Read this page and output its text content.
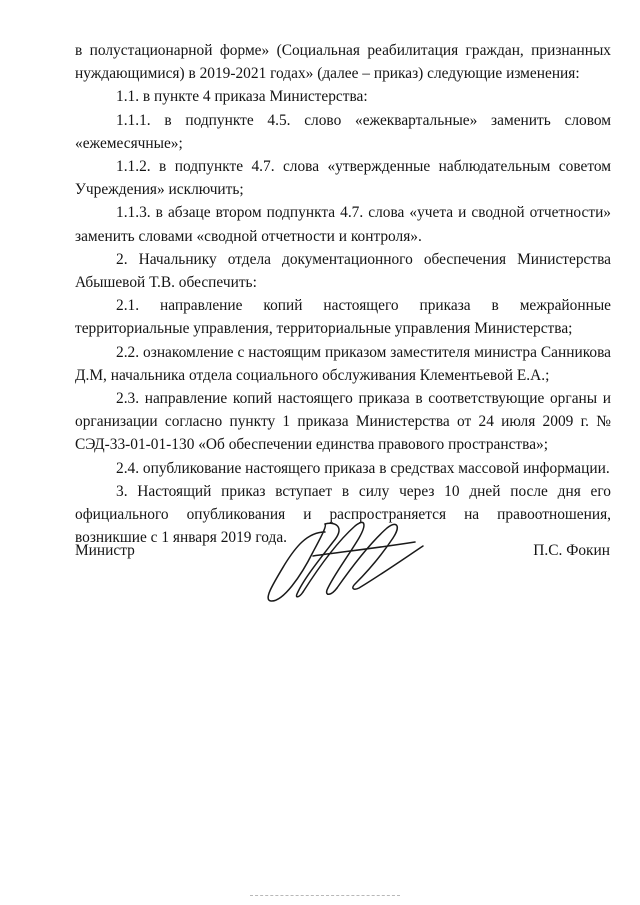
в полустационарной форме» (Социальная реабилитация граждан, признанных нуждающимися) в 2019-2021 годах» (далее – приказ) следующие изменения:

1.1. в пункте 4 приказа Министерства:

1.1.1. в подпункте 4.5. слово «ежеквартальные» заменить словом «ежемесячные»;

1.1.2. в подпункте 4.7. слова «утвержденные наблюдательным советом Учреждения» исключить;

1.1.3. в абзаце втором подпункта 4.7. слова «учета и сводной отчетности» заменить словами «сводной отчетности и контроля».

2. Начальнику отдела документационного обеспечения Министерства Абышевой Т.В. обеспечить:

2.1. направление копий настоящего приказа в межрайонные территориальные управления, территориальные управления Министерства;

2.2. ознакомление с настоящим приказом заместителя министра Санникова Д.М, начальника отдела социального обслуживания Клементьевой Е.А.;

2.3. направление копий настоящего приказа в соответствующие органы и организации согласно пункту 1 приказа Министерства от 24 июля 2009 г. № СЭД-33-01-01-130 «Об обеспечении единства правового пространства»;

2.4. опубликование настоящего приказа в средствах массовой информации.

3. Настоящий приказ вступает в силу через 10 дней после дня его официального опубликования и распространяется на правоотношения, возникшие с 1 января 2019 года.

Министр	П.С. Фокин
